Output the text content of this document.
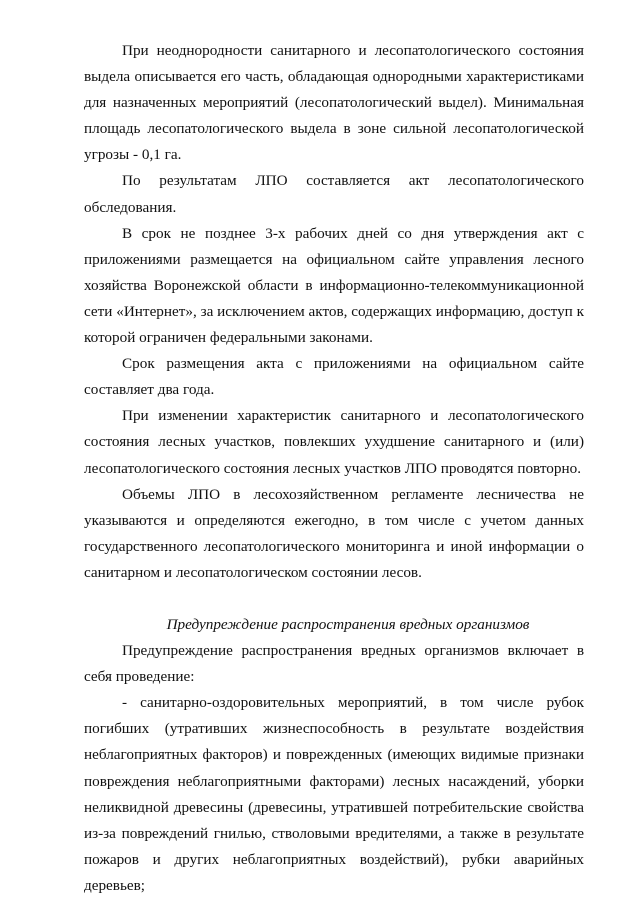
При неоднородности санитарного и лесопатологического состояния выдела описывается его часть, обладающая однородными характеристиками для назначенных мероприятий (лесопатологический выдел). Минимальная площадь лесопатологического выдела в зоне сильной лесопатологической угрозы - 0,1 га.

По результатам ЛПО составляется акт лесопатологического обследования.

В срок не позднее 3-х рабочих дней со дня утверждения акт с приложениями размещается на официальном сайте управления лесного хозяйства Воронежской области в информационно-телекоммуникационной сети «Интернет», за исключением актов, содержащих информацию, доступ к которой ограничен федеральными законами.

Срок размещения акта с приложениями на официальном сайте составляет два года.

При изменении характеристик санитарного и лесопатологического состояния лесных участков, повлекших ухудшение санитарного и (или) лесопатологического состояния лесных участков ЛПО проводятся повторно.

Объемы ЛПО в лесохозяйственном регламенте лесничества не указываются и определяются ежегодно, в том числе с учетом данных государственного лесопатологического мониторинга и иной информации о санитарном и лесопатологическом состоянии лесов.

Предупреждение распространения вредных организмов

Предупреждение распространения вредных организмов включает в себя проведение:

- санитарно-оздоровительных мероприятий, в том числе рубок погибших (утративших жизнеспособность в результате воздействия неблагоприятных факторов) и поврежденных (имеющих видимые признаки повреждения неблагоприятными факторами) лесных насаждений, уборки неликвидной древесины (древесины, утратившей потребительские свойства из-за повреждений гнилью, стволовыми вредителями, а также в результате пожаров и других неблагоприятных воздействий), рубки аварийных деревьев;
